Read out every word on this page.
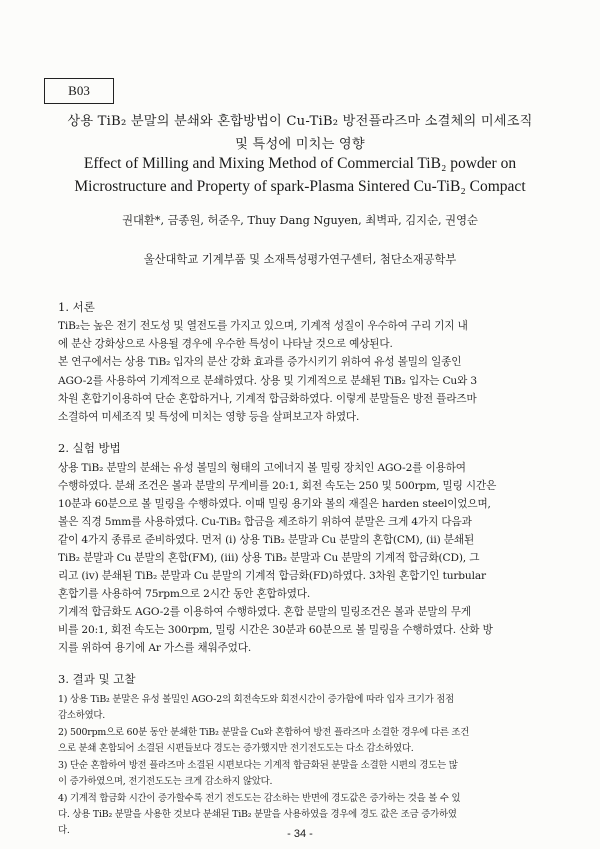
B03
상용 TiB₂ 분말의 분쇄와 혼합방법이 Cu-TiB₂ 방전플라즈마 소결체의 미세조직
및 특성에 미치는 영향
Effect of Milling and Mixing Method of Commercial TiB₂ powder on
Microstructure and Property of spark-Plasma Sintered Cu-TiB₂ Compact
권대환*, 금종원, 허준우, Thuy Dang Nguyen, 최벽파, 김지순, 권영순
울산대학교 기계부품 및 소재특성평가연구센터, 첨단소재공학부
1. 서론
TiB₂는 높은 전기 전도성 및 열전도를 가지고 있으며, 기계적 성질이 우수하여 구리 기지 내
에 분산 강화상으로 사용될 경우에 우수한 특성이 나타날 것으로 예상된다.
본 연구에서는 상용 TiB₂ 입자의 분산 강화 효과를 증가시키기 위하여 유성 볼밀의 일종인
AGO-2를 사용하여 기계적으로 분쇄하였다. 상용 및 기계적으로 분쇄된 TiB₂ 입자는 Cu와 3
차원 혼합기이용하여 단순 혼합하거나, 기계적 합금화하였다. 이렇게 분말들은 방전 플라즈마
소결하여 미세조직 및 특성에 미치는 영향 등을 살펴보고자 하였다.
2. 실험 방법
상용 TiB₂ 분말의 분쇄는 유성 볼밀의 형태의 고에너지 볼 밀링 장치인 AGO-2를 이용하여
수행하였다. 분쇄 조건은 볼과 분말의 무게비를 20:1, 회전 속도는 250 및 500rpm, 밀링 시간은
10분과 60분으로 볼 밀링을 수행하였다. 이때 밀링 용기와 볼의 재질은 harden steel이었으며,
볼은 직경 5mm를 사용하였다. Cu-TiB₂ 합금을 제조하기 위하여 분말은 크게 4가지 다음과
같이 4가지 종류로 준비하였다. 먼저 (ⅰ) 상용 TiB₂ 분말과 Cu 분말의 혼합(CM), (ⅱ) 분쇄된
TiB₂ 분말과 Cu 분말의 혼합(FM), (ⅲ) 상용 TiB₂ 분말과 Cu 분말의 기계적 합금화(CD), 그
리고 (ⅳ) 분쇄된 TiB₂ 분말과 Cu 분말의 기계적 합금화(FD)하였다. 3차원 혼합기인 turbular
혼합기를 사용하여 75rpm으로 2시간 동안 혼합하였다.
기계적 합금화도 AGO-2를 이용하여 수행하였다. 혼합 분말의 밀링조건은 볼과 분말의 무게
비를 20:1, 회전 속도는 300rpm, 밀링 시간은 30분과 60분으로 볼 밀링을 수행하였다. 산화 방
지를 위하여 용기에 Ar 가스를 채워주었다.
3. 결과 및 고찰
1) 상용 TiB₂ 분말은 유성 볼밀인 AGO-2의 회전속도와 회전시간이 증가함에 따라 입자 크기가 점점
감소하였다.
2) 500rpm으로 60분 동안 분쇄한 TiB₂ 분말을 Cu와 혼합하여 방전 플라즈마 소결한 경우에 다른 조건
으로 분쇄 혼합되어 소결된 시편들보다 경도는 증가했지만 전기전도도는 다소 감소하였다.
3) 단순 혼합하여 방전 플라즈마 소결된 시편보다는 기계적 합금화된 분말을 소결한 시편의 경도는 많
이 증가하였으며, 전기전도도는 크게 감소하지 않았다.
4) 기계적 합금화 시간이 증가할수록 전기 전도도는 감소하는 반면에 경도값은 증가하는 것을 볼 수 있
다. 상용 TiB₂ 분말을 사용한 것보다 분쇄된 TiB₂ 분말을 사용하였을 경우에 경도 값은 조금 증가하였
다.	- 34 -
